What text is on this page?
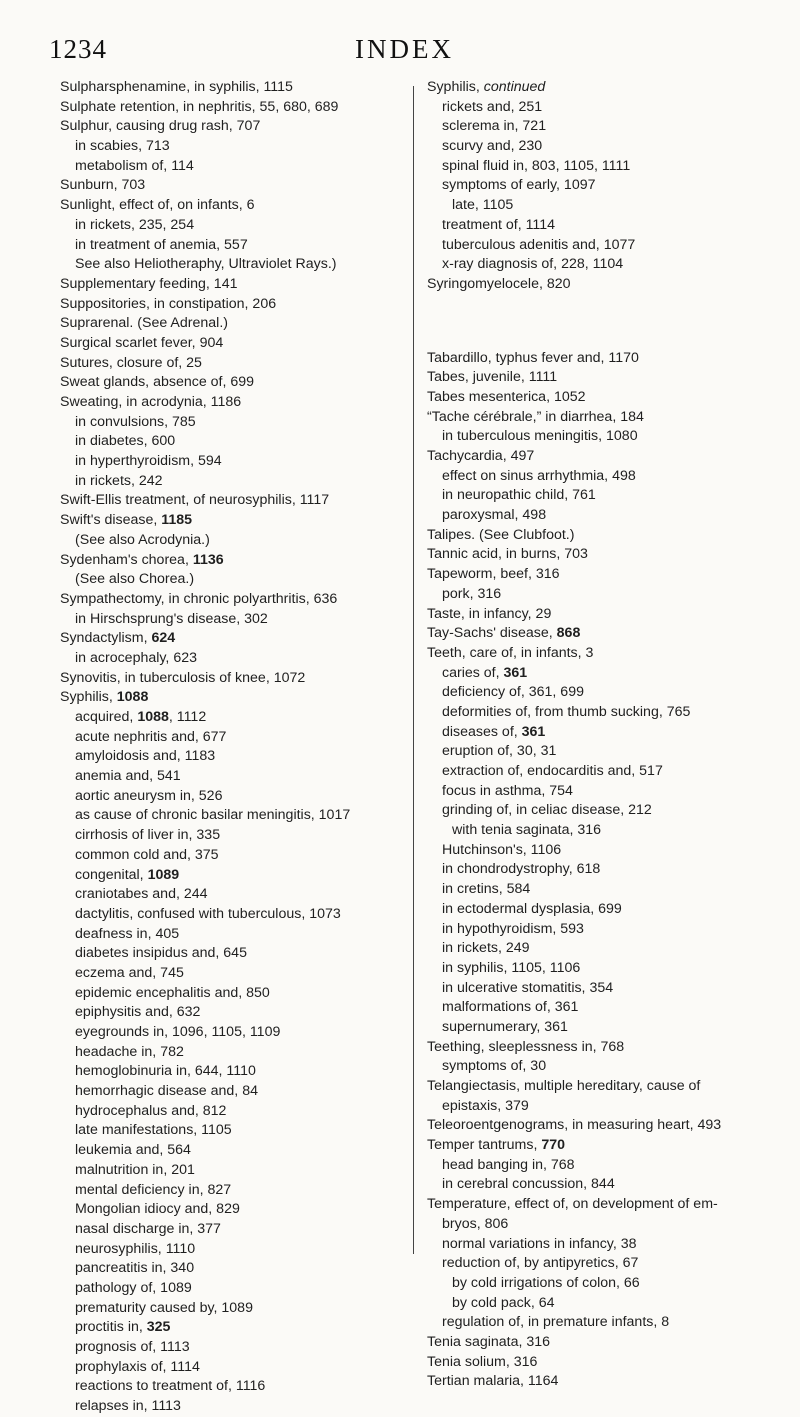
1234	INDEX
Sulpharsphenamine, in syphilis, 1115
Sulphate retention, in nephritis, 55, 680, 689
Sulphur, causing drug rash, 707
in scabies, 713
metabolism of, 114
Sunburn, 703
Sunlight, effect of, on infants, 6
in rickets, 235, 254
in treatment of anemia, 557
See also Heliotheraphy, Ultraviolet Rays.)
Supplementary feeding, 141
Suppositories, in constipation, 206
Suprarenal. (See Adrenal.)
Surgical scarlet fever, 904
Sutures, closure of, 25
Sweat glands, absence of, 699
Sweating, in acrodynia, 1186
in convulsions, 785
in diabetes, 600
in hyperthyroidism, 594
in rickets, 242
Swift-Ellis treatment, of neurosyphilis, 1117
Swift's disease, 1185
(See also Acrodynia.)
Sydenham's chorea, 1136
(See also Chorea.)
Sympathectomy, in chronic polyarthritis, 636
in Hirschsprung's disease, 302
Syndactylism, 624
in acrocephaly, 623
Synovitis, in tuberculosis of knee, 1072
Syphilis, 1088
acquired, 1088, 1112
acute nephritis and, 677
amyloidosis and, 1183
anemia and, 541
aortic aneurysm in, 526
as cause of chronic basilar meningitis, 1017
cirrhosis of liver in, 335
common cold and, 375
congenital, 1089
craniotabes and, 244
dactylitis, confused with tuberculous, 1073
deafness in, 405
diabetes insipidus and, 645
eczema and, 745
epidemic encephalitis and, 850
epiphysitis and, 632
eyegrounds in, 1096, 1105, 1109
headache in, 782
hemoglobinuria in, 644, 1110
hemorrhagic disease and, 84
hydrocephalus and, 812
late manifestations, 1105
leukemia and, 564
malnutrition in, 201
mental deficiency in, 827
Mongolian idiocy and, 829
nasal discharge in, 377
neurosyphilis, 1110
pancreatitis in, 340
pathology of, 1089
prematurity caused by, 1089
proctitis in, 325
prognosis of, 1113
prophylaxis of, 1114
reactions to treatment of, 1116
relapses in, 1113
Syphilis, continued
rickets and, 251
sclerema in, 721
scurvy and, 230
spinal fluid in, 803, 1105, 1111
symptoms of early, 1097
late, 1105
treatment of, 1114
tuberculous adenitis and, 1077
x-ray diagnosis of, 228, 1104
Syringomyelocele, 820
Tabardillo, typhus fever and, 1170
Tabes, juvenile, 1111
Tabes mesenterica, 1052
“Tache cérébrale,” in diarrhea, 184
in tuberculous meningitis, 1080
Tachycardia, 497
effect on sinus arrhythmia, 498
in neuropathic child, 761
paroxysmal, 498
Talipes. (See Clubfoot.)
Tannic acid, in burns, 703
Tapeworm, beef, 316
pork, 316
Taste, in infancy, 29
Tay-Sachs' disease, 868
Teeth, care of, in infants, 3
caries of, 361
deficiency of, 361, 699
deformities of, from thumb sucking, 765
diseases of, 361
eruption of, 30, 31
extraction of, endocarditis and, 517
focus in asthma, 754
grinding of, in celiac disease, 212
with tenia saginata, 316
Hutchinson's, 1106
in chondrodystrophy, 618
in cretins, 584
in ectodermal dysplasia, 699
in hypothyroidism, 593
in rickets, 249
in syphilis, 1105, 1106
in ulcerative stomatitis, 354
malformations of, 361
supernumerary, 361
Teething, sleeplessness in, 768
symptoms of, 30
Telangiectasis, multiple hereditary, cause of
epistaxis, 379
Teleoroentgenograms, in measuring heart, 493
Temper tantrums, 770
head banging in, 768
in cerebral concussion, 844
Temperature, effect of, on development of em-
bryos, 806
normal variations in infancy, 38
reduction of, by antipyretics, 67
by cold irrigations of colon, 66
by cold pack, 64
regulation of, in premature infants, 8
Tenia saginata, 316
Tenia solium, 316
Tertian malaria, 1164
